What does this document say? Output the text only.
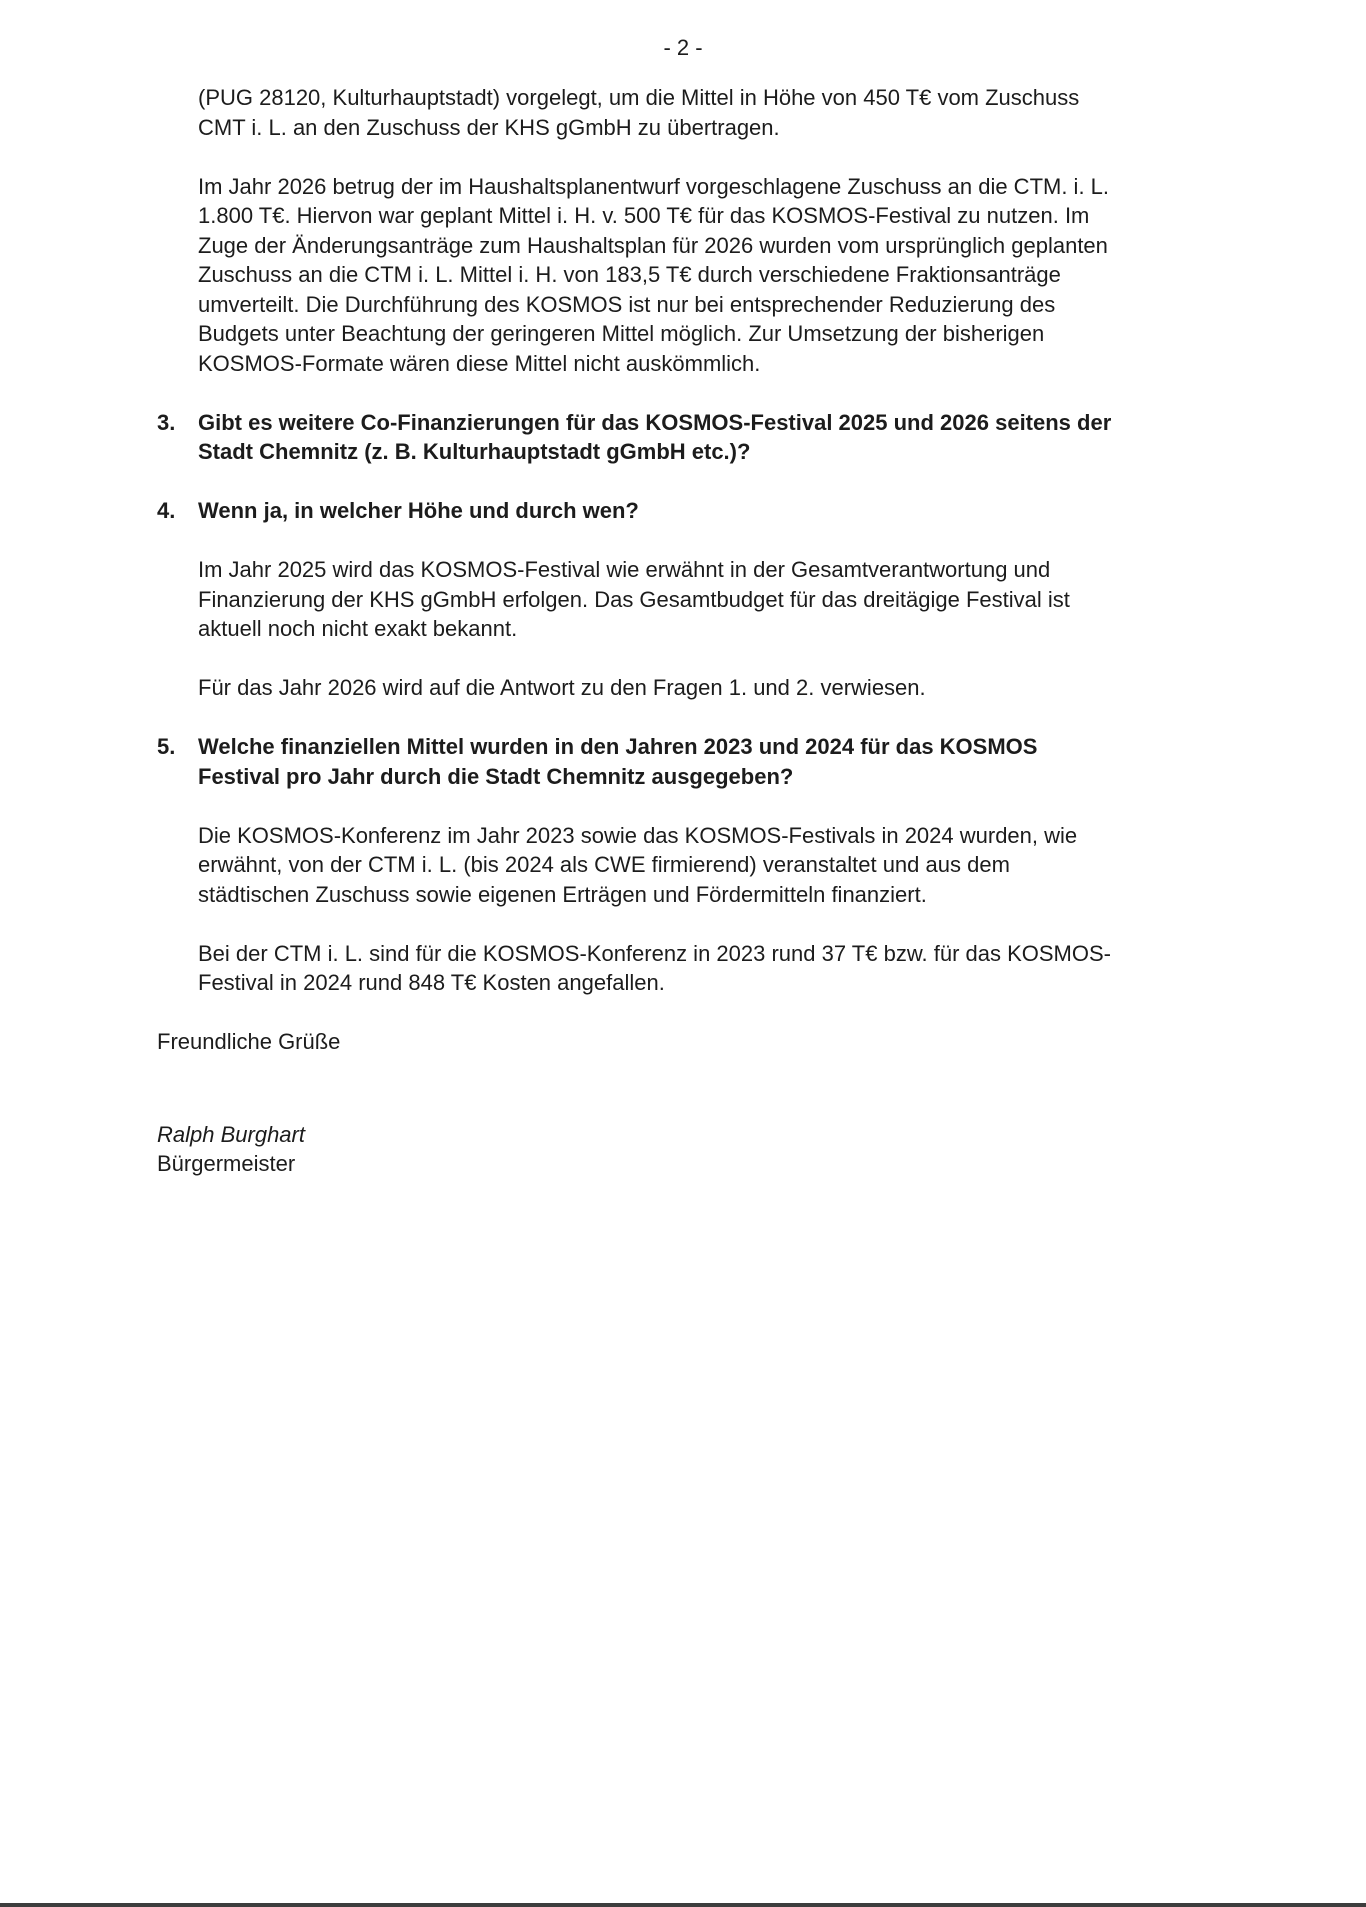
- 2 -
(PUG 28120, Kulturhauptstadt) vorgelegt, um die Mittel in Höhe von 450 T€ vom Zuschuss
CMT i. L. an den Zuschuss der KHS gGmbH zu übertragen.
Im Jahr 2026 betrug der im Haushaltsplanentwurf vorgeschlagene Zuschuss an die CTM. i. L.
1.800 T€. Hiervon war geplant Mittel i. H. v. 500 T€ für das KOSMOS-Festival zu nutzen. Im
Zuge der Änderungsanträge zum Haushaltsplan für 2026 wurden vom ursprünglich geplanten
Zuschuss an die CTM i. L. Mittel i. H. von 183,5 T€ durch verschiedene Fraktionsanträge
umverteilt. Die Durchführung des KOSMOS ist nur bei entsprechender Reduzierung des
Budgets unter Beachtung der geringeren Mittel möglich. Zur Umsetzung der bisherigen
KOSMOS-Formate wären diese Mittel nicht auskömmlich.
3.	Gibt es weitere Co-Finanzierungen für das KOSMOS-Festival 2025 und 2026 seitens der
Stadt Chemnitz (z. B. Kulturhauptstadt gGmbH etc.)?
4.	Wenn ja, in welcher Höhe und durch wen?
Im Jahr 2025 wird das KOSMOS-Festival wie erwähnt in der Gesamtverantwortung und
Finanzierung der KHS gGmbH erfolgen. Das Gesamtbudget für das dreitägige Festival ist
aktuell noch nicht exakt bekannt.
Für das Jahr 2026 wird auf die Antwort zu den Fragen 1. und 2. verwiesen.
5.	Welche finanziellen Mittel wurden in den Jahren 2023 und 2024 für das KOSMOS
Festival pro Jahr durch die Stadt Chemnitz ausgegeben?
Die KOSMOS-Konferenz im Jahr 2023 sowie das KOSMOS-Festivals in 2024 wurden, wie
erwähnt, von der CTM i. L. (bis 2024 als CWE firmierend) veranstaltet und aus dem
städtischen Zuschuss sowie eigenen Erträgen und Fördermitteln finanziert.
Bei der CTM i. L. sind für die KOSMOS-Konferenz in 2023 rund 37 T€ bzw. für das KOSMOS-
Festival in 2024 rund 848 T€ Kosten angefallen.
Freundliche Grüße
Ralph Burghart
Bürgermeister
